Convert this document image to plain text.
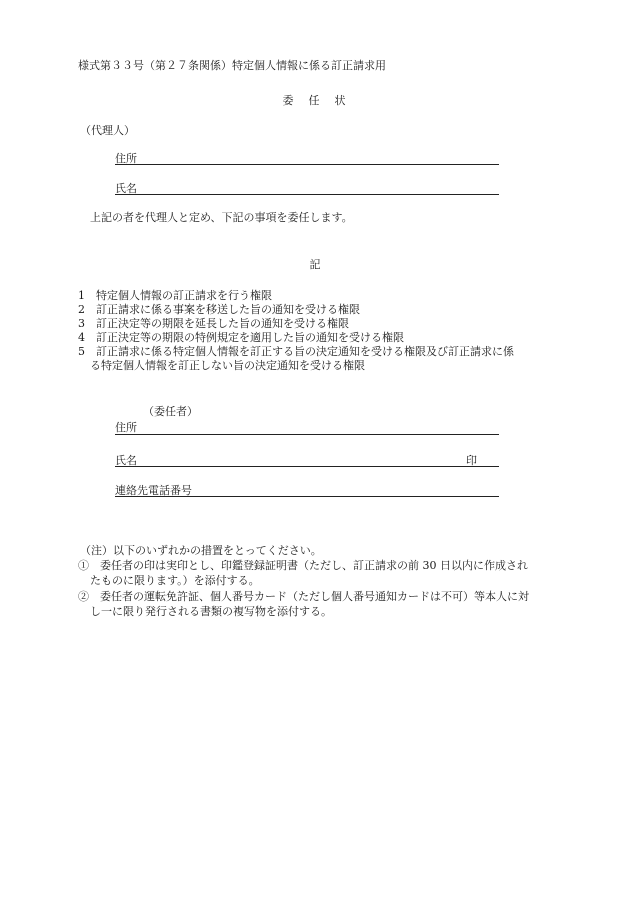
様式第３３号（第２７条関係）特定個人情報に係る訂正請求用
委　任　状
（代理人）
住所
氏名
上記の者を代理人と定め、下記の事項を委任します。
記
1　特定個人情報の訂正請求を行う権限
2　訂正請求に係る事案を移送した旨の通知を受ける権限
3　訂正決定等の期限を延長した旨の通知を受ける権限
4　訂正決定等の期限の特例規定を適用した旨の通知を受ける権限
5　訂正請求に係る特定個人情報を訂正する旨の決定通知を受ける権限及び訂正請求に係
る特定個人情報を訂正しない旨の決定通知を受ける権限
（委任者）
住所
氏名	印
連絡先電話番号
（注）以下のいずれかの措置をとってください。
①　委任者の印は実印とし、印鑑登録証明書（ただし、訂正請求の前 30 日以内に作成され
たものに限ります。）を添付する。
②　委任者の運転免許証、個人番号カード（ただし個人番号通知カードは不可）等本人に対
し一に限り発行される書類の複写物を添付する。
